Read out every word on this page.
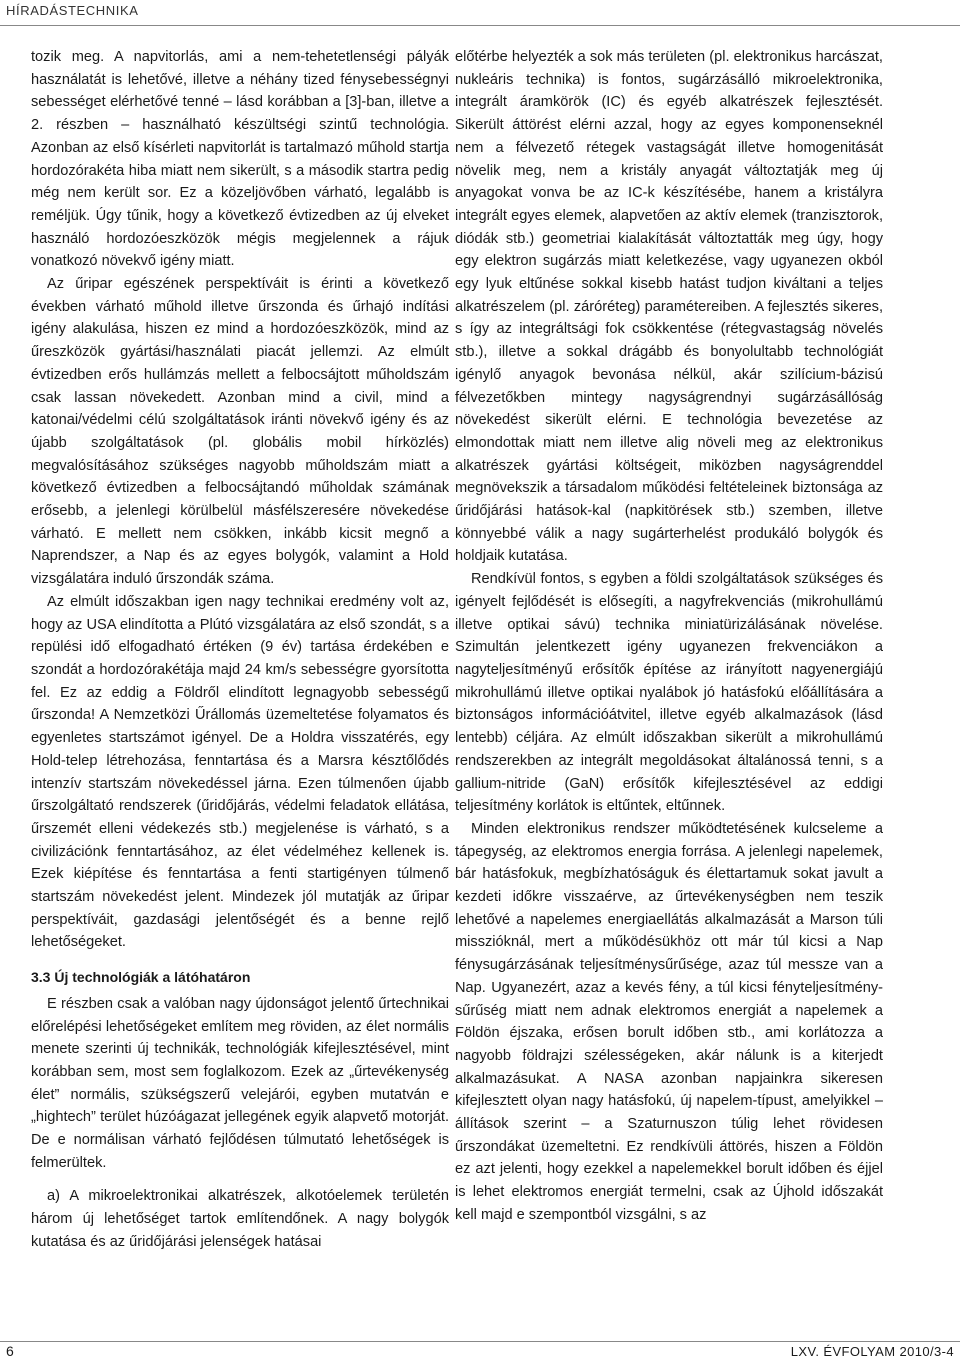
HÍRADÁSTECHNIKA

tozik meg. A napvitorlás, ami a nem-tehetetlenségi pályák használatát is lehetővé, illetve a néhány tized fénysebességnyi sebességet elérhetővé tenné – lásd korábban a [3]-ban, illetve a 2. részben – használható készültségi szintű technológia. Azonban az első kísérleti napvitorlát is tartalmazó műhold startja hordozórakéta hiba miatt nem sikerült, s a második startra pedig még nem került sor. Ez a közeljövőben várható, legalább is reméljük. Úgy tűnik, hogy a következő évtizedben az új elveket használó hordozóeszközök mégis megjelennek a rájuk vonatkozó növekvő igény miatt.

Az űripar egészének perspektíváit is érinti a következő években várható műhold illetve űrszonda és űrhajó indítási igény alakulása, hiszen ez mind a hordozóeszközök, mind az űreszközök gyártási/használati piacát jellemzi. Az elmúlt évtizedben erős hullámzás mellett a felbocsájtott műholdszám csak lassan növekedett. Azonban mind a civil, mind a katonai/védelmi célú szolgáltatások iránti növekvő igény és az újabb szolgáltatások (pl. globális mobil hírközlés) megvalósításához szükséges nagyobb műholdszám miatt a következő évtizedben a felbocsájtandó műholdak számának erősebb, a jelenlegi körülbelül másfélszeresére növekedése várható. E mellett nem csökken, inkább kicsit megnő a Naprendszer, a Nap és az egyes bolygók, valamint a Hold vizsgálatára induló űrszondák száma.

Az elmúlt időszakban igen nagy technikai eredmény volt az, hogy az USA elindította a Plútó vizsgálatára az első szondát, s a repülési idő elfogadható értéken (9 év) tartása érdekében e szondát a hordozórakétája majd 24 km/s sebességre gyorsította fel. Ez az eddig a Földről elindított legnagyobb sebességű űrszonda! A Nemzetközi Űrállomás üzemeltetése folyamatos és egyenletes startszámot igényel. De a Holdra visszatérés, egy Hold-telep létrehozása, fenntartása és a Marsra késztőlődés intenzív startszám növekedéssel járna. Ezen túlmenően újabb űrszolgáltató rendszerek (űridőjárás, védelmi feladatok ellátása, űrszemét elleni védekezés stb.) megjelenése is várható, s a civilizációnk fenntartásához, az élet védelméhez kellenek is. Ezek kiépítése és fenntartása a fenti startigényen túlmenő startszám növekedést jelent. Mindezek jól mutatják az űripar perspektíváit, gazdasági jelentőségét és a benne rejlő lehetőségeket.

3.3 Új technológiák a látóhatáron

E részben csak a valóban nagy újdonságot jelentő űrtechnikai előrelépési lehetőségeket említem meg röviden, az élet normális menete szerinti új technikák, technológiák kifejlesztésével, mint korábban sem, most sem foglalkozom. Ezek az „űrtevékenység élet” normális, szükségszerű velejárói, egyben mutatván e „hightech” terület húzóágazat jellegének egyik alapvető motorját. De e normálisan várható fejlődésen túlmutató lehetőségek is felmerültek.

a) A mikroelektronikai alkatrészek, alkotóelemek területén három új lehetőséget tartok említendőnek. A nagy bolygók kutatása és az űridőjárási jelenségek hatásai

előtérbe helyezték a sok más területen (pl. elektronikus harcászat, nukleáris technika) is fontos, sugárzásálló mikroelektronika, integrált áramkörök (IC) és egyéb alkatrészek fejlesztését. Sikerült áttörést elérni azzal, hogy az egyes komponenseknél nem a félvezető rétegek vastagságát illetve homogenitását növelik meg, nem a kristály anyagát változtatják meg új anyagokat vonva be az IC-k készítésébe, hanem a kristályra integrált egyes elemek, alapvetően az aktív elemek (tranzisztorok, diódák stb.) geometriai kialakítását változtatták meg úgy, hogy egy elektron sugárzás miatt keletkezése, vagy ugyanezen okból egy lyuk eltűnése sokkal kisebb hatást tudjon kiváltani a teljes alkatrészelem (pl. záróréteg) paramétereiben. A fejlesztés sikeres, s így az integráltsági fok csökkentése (rétegvastagság növelés stb.), illetve a sokkal drágább és bonyolultabb technológiát igénylő anyagok bevonása nélkül, akár szilícium-bázisú félvezetőkben mintegy nagyságrendnyi sugárzásállóság növekedést sikerült elérni. E technológia bevezetése az elmondottak miatt nem illetve alig növeli meg az elektronikus alkatrészek gyártási költségeit, miközben nagyságrenddel megnövekszik a társadalom működési feltételeinek biztonsága az űridőjárási hatások-kal (napkitörések stb.) szemben, illetve könnyebbé válik a nagy sugárterhelést produkáló bolygók és holdjaik kutatása.

Rendkívül fontos, s egyben a földi szolgáltatások szükséges és igényelt fejlődését is elősegíti, a nagyfrekvenciás (mikrohullámú illetve optikai sávú) technika miniatürizálásának növelése. Szimultán jelentkezett igény ugyanezen frekvenciákon a nagyteljesítményű erősítők építése az irányított nagyenergiájú mikrohullámú illetve optikai nyalábok jó hatásfokú előállítására a biztonságos információátvitel, illetve egyéb alkalmazások (lásd lentebb) céljára. Az elmúlt időszakban sikerült a mikrohullámú rendszerekben az integrált megoldásokat általánossá tenni, s a gallium-nitride (GaN) erősítők kifejlesztésével az eddigi teljesítmény korlátok is eltűntek, eltűnnek.

Minden elektronikus rendszer működtetésének kulcseleme a tápegység, az elektromos energia forrása. A jelenlegi napelemek, bár hatásfokuk, megbízhatóságuk és élettartamuk sokat javult a kezdeti időkre visszaérve, az űrtevékenységben nem teszik lehetővé a napelemes energiaellátás alkalmazását a Marson túli misszióknál, mert a működésükhöz ott már túl kicsi a Nap fénysugárzásának teljesítménysűrűsége, azaz túl messze van a Nap. Ugyanezért, azaz a kevés fény, a túl kicsi fényteljesítmény-sűrűség miatt nem adnak elektromos energiát a napelemek a Földön éjszaka, erősen borult időben stb., ami korlátozza a nagyobb földrajzi szélességeken, akár nálunk is a kiterjedt alkalmazásukat. A NASA azonban napjainkra sikeresen kifejlesztett olyan nagy hatásfokú, új napelem-típust, amelyikkel – állítások szerint – a Szaturnuszon túlig lehet rövidesen űrszondákat üzemeltetni. Ez rendkívüli áttörés, hiszen a Földön ez azt jelenti, hogy ezekkel a napelemekkel borult időben és éjjel is lehet elektromos energiát termelni, csak az Újhold időszakát kell majd e szempontból vizsgálni, s az

6	LXV. ÉVFOLYAM 2010/3-4
